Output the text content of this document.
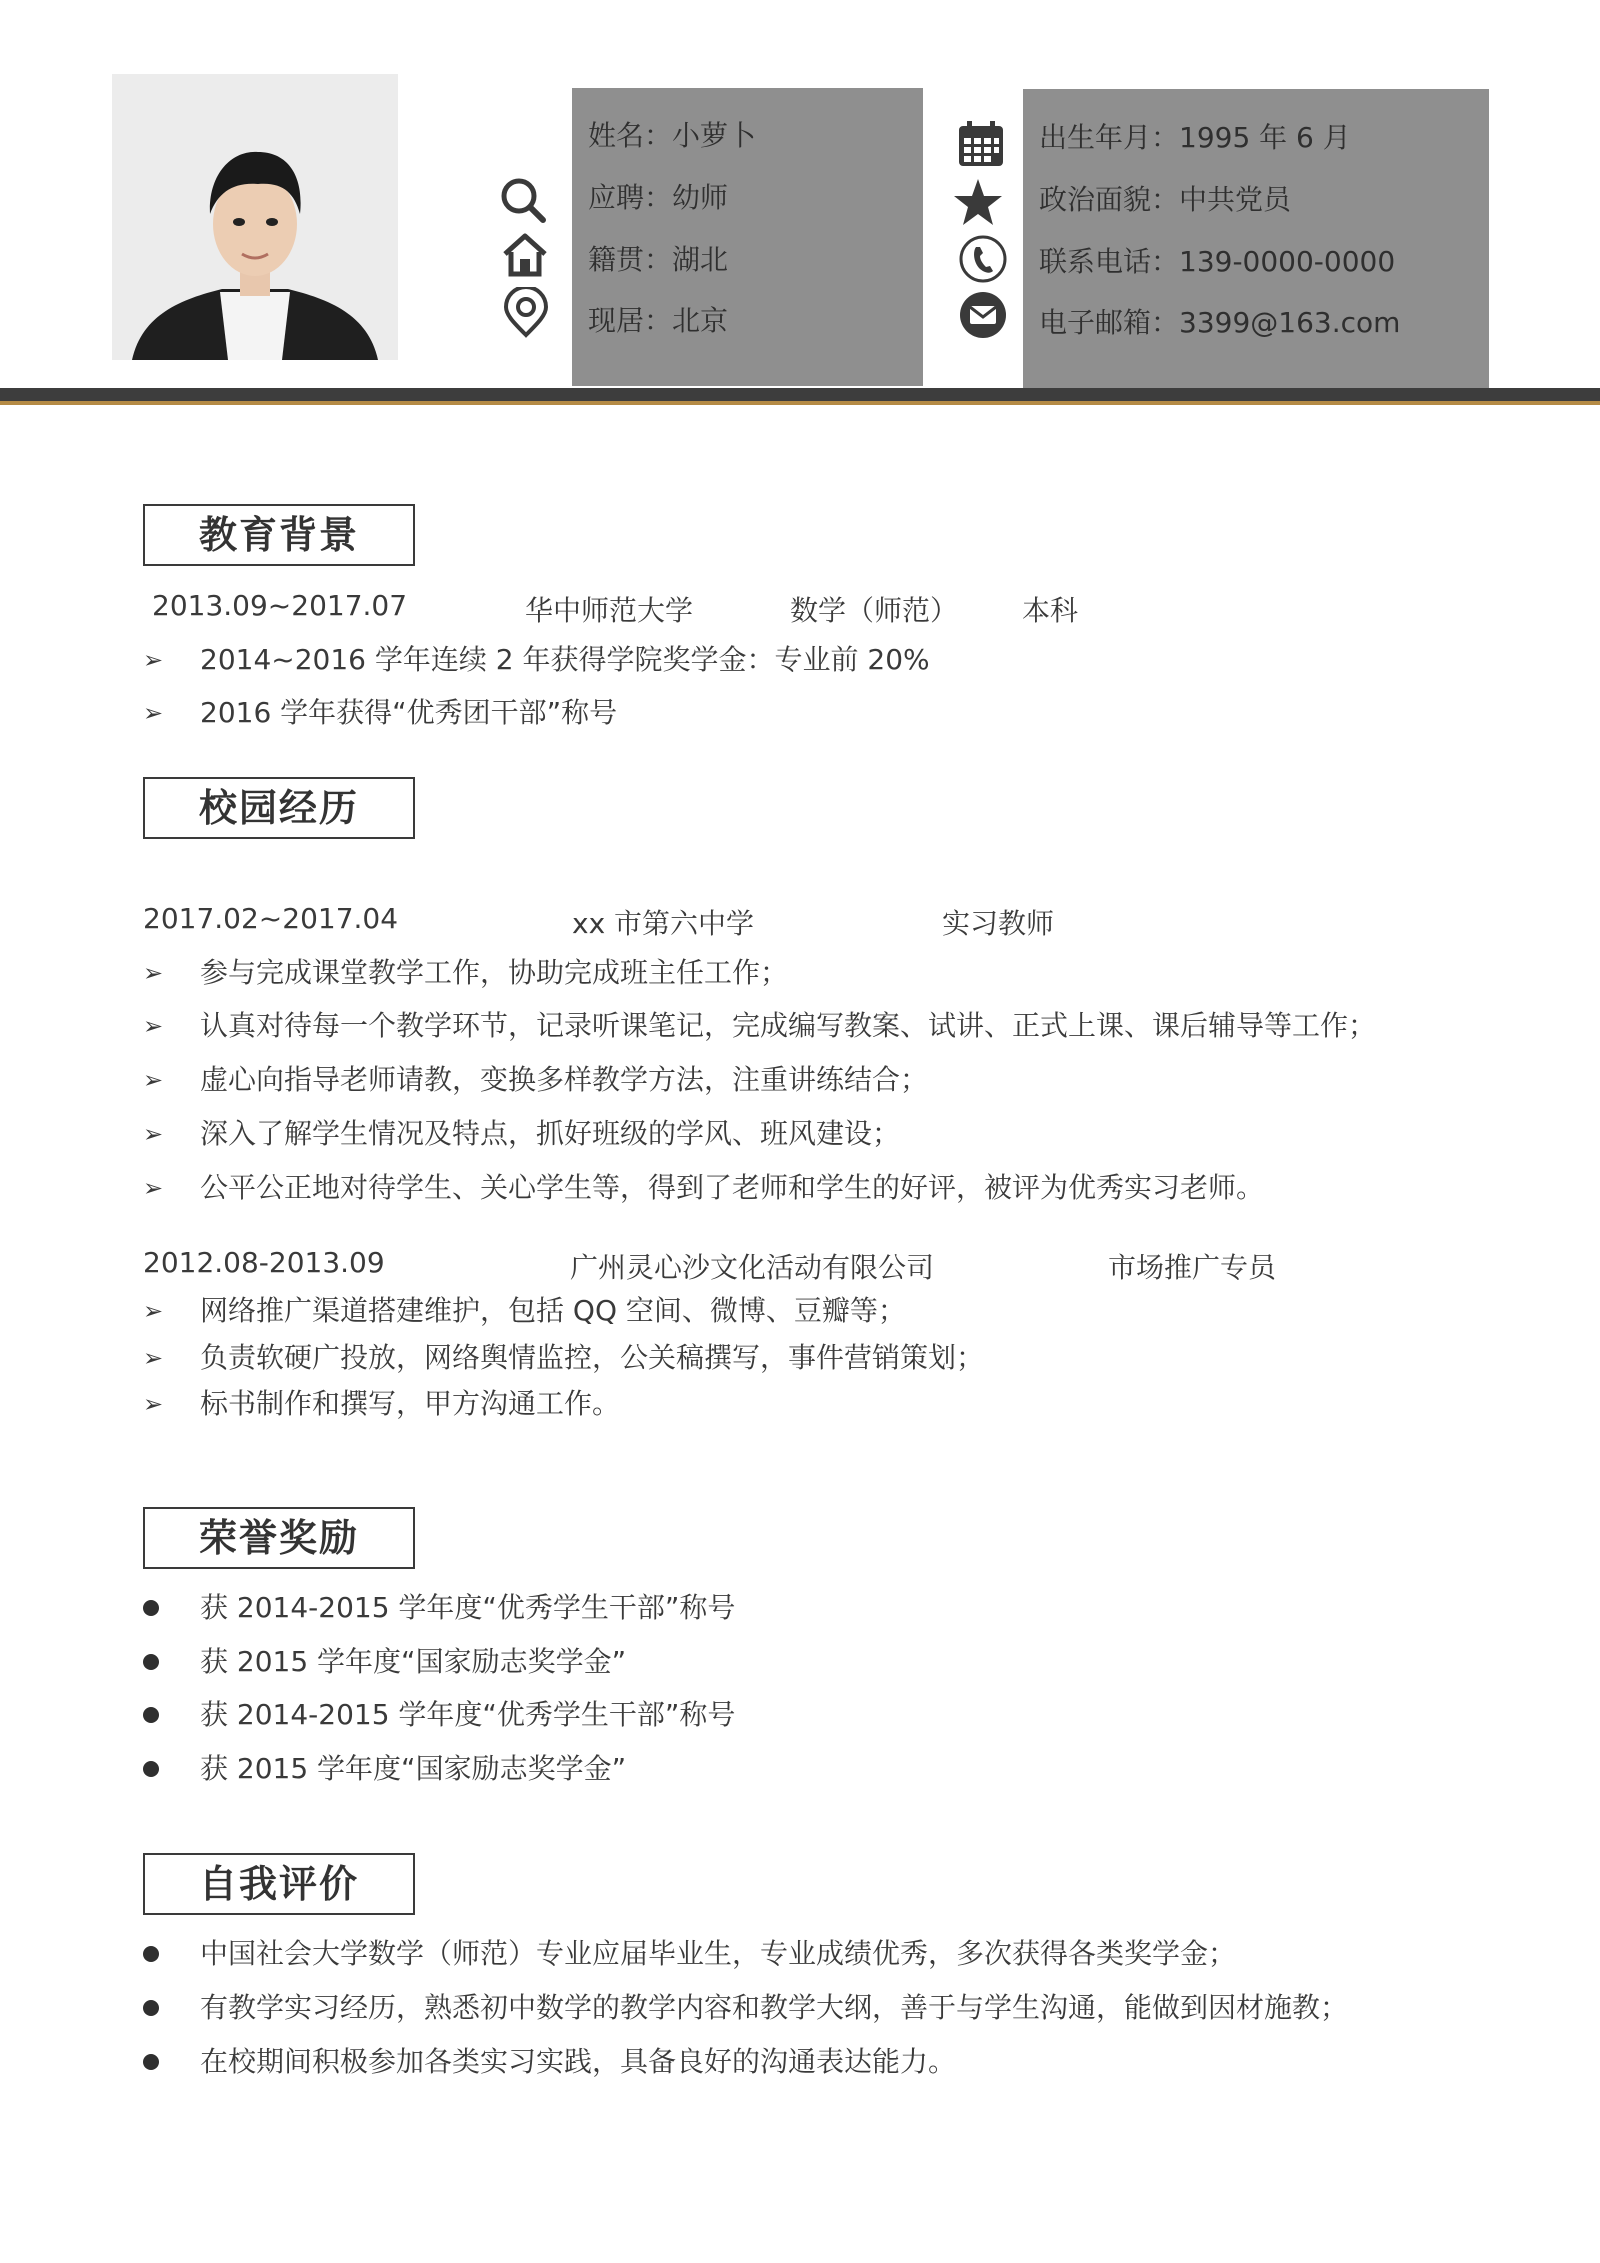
姓名：小萝卜
应聘：幼师
籍贯：湖北
现居：北京
出生年月：1995 年 6 月
政治面貌：中共党员
联系电话：139-0000-0000
电子邮箱：3399@163.com
教育背景
2013.09~2017.07	华中师范大学	数学（师范） 本科
➢	2014~2016 学年连续 2 年获得学院奖学金：专业前 20%
➢	2016 学年获得“优秀团干部”称号
校园经历
2017.02~2017.04	xx 市第六中学	实习教师
➢	参与完成课堂教学工作，协助完成班主任工作；
➢	认真对待每一个教学环节，记录听课笔记，完成编写教案、试讲、正式上课、课后辅导等工作；
➢	虚心向指导老师请教，变换多样教学方法，注重讲练结合；
➢	深入了解学生情况及特点，抓好班级的学风、班风建设；
➢	公平公正地对待学生、关心学生等，得到了老师和学生的好评，被评为优秀实习老师。
2012.08-2013.09	广州灵心沙文化活动有限公司	市场推广专员
➢	网络推广渠道搭建维护，包括 QQ 空间、微博、豆瓣等；
➢	负责软硬广投放，网络舆情监控，公关稿撰写，事件营销策划；
➢	标书制作和撰写，甲方沟通工作。
荣誉奖励
获 2014-2015 学年度“优秀学生干部”称号
获 2015 学年度“国家励志奖学金”
获 2014-2015 学年度“优秀学生干部”称号
获 2015 学年度“国家励志奖学金”
自我评价
中国社会大学数学（师范）专业应届毕业生，专业成绩优秀，多次获得各类奖学金；
有教学实习经历，熟悉初中数学的教学内容和教学大纲，善于与学生沟通，能做到因材施教；
在校期间积极参加各类实习实践，具备良好的沟通表达能力。
